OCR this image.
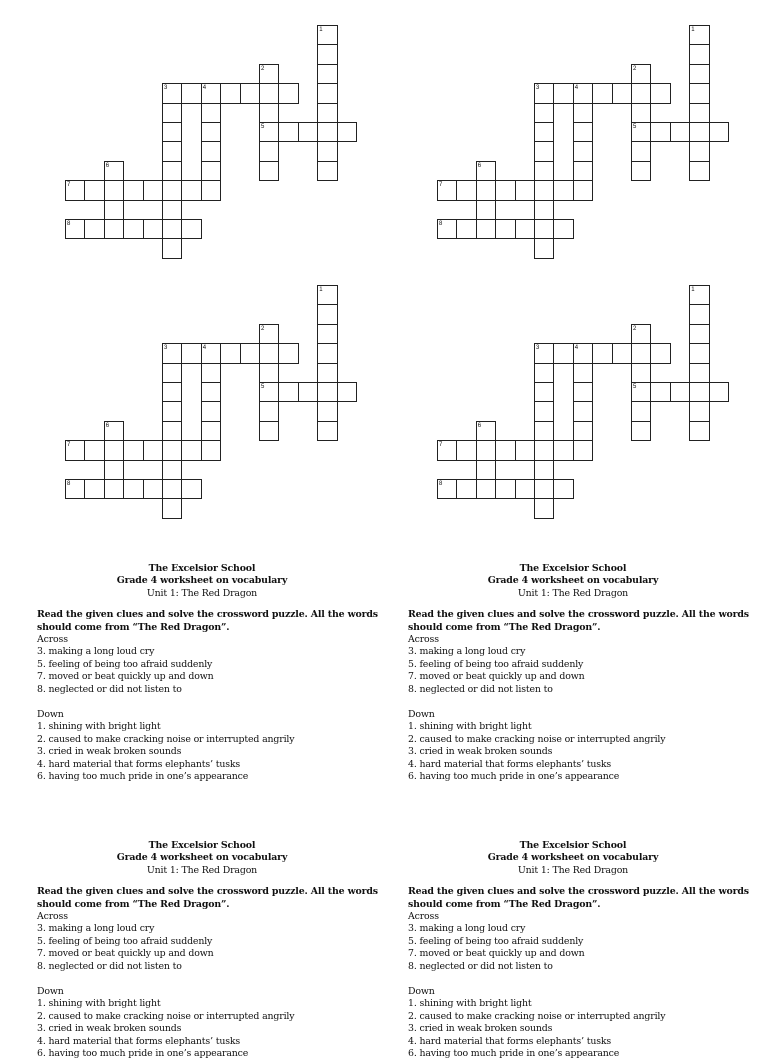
1
2
3	4
5
6
7
8
1
2
3	4
5
6
7
8
1
2
3	4
5
6
7
8
1
2
3	4
5
6
7
8

The Excelsior School

Grade 4 worksheet on vocabulary

Unit 1: The Red Dragon

Read the given clues and solve the crossword puzzle. All the words

should come from “The Red Dragon”.

Across

3. making a long loud cry

5. feeling of being too afraid suddenly

7. moved or beat quickly up and down

8. neglected or did not listen to

Down

1. shining with bright light

2. caused to make cracking noise or interrupted angrily

3. cried in weak broken sounds

4. hard material that forms elephants’ tusks

6. having too much pride in one’s appearance

The Excelsior School

Grade 4 worksheet on vocabulary

Unit 1: The Red Dragon

Read the given clues and solve the crossword puzzle. All the words

should come from “The Red Dragon”.

Across

3. making a long loud cry

5. feeling of being too afraid suddenly

7. moved or beat quickly up and down

8. neglected or did not listen to

Down

1. shining with bright light

2. caused to make cracking noise or interrupted angrily

3. cried in weak broken sounds

4. hard material that forms elephants’ tusks

6. having too much pride in one’s appearance

The Excelsior School

Grade 4 worksheet on vocabulary

Unit 1: The Red Dragon

Read the given clues and solve the crossword puzzle. All the words

should come from “The Red Dragon”.

Across

3. making a long loud cry

5. feeling of being too afraid suddenly

7. moved or beat quickly up and down

8. neglected or did not listen to

Down

1. shining with bright light

2. caused to make cracking noise or interrupted angrily

3. cried in weak broken sounds

4. hard material that forms elephants’ tusks

6. having too much pride in one’s appearance

The Excelsior School

Grade 4 worksheet on vocabulary

Unit 1: The Red Dragon

Read the given clues and solve the crossword puzzle. All the words

should come from “The Red Dragon”.

Across

3. making a long loud cry

5. feeling of being too afraid suddenly

7. moved or beat quickly up and down

8. neglected or did not listen to

Down

1. shining with bright light

2. caused to make cracking noise or interrupted angrily

3. cried in weak broken sounds

4. hard material that forms elephants’ tusks

6. having too much pride in one’s appearance
